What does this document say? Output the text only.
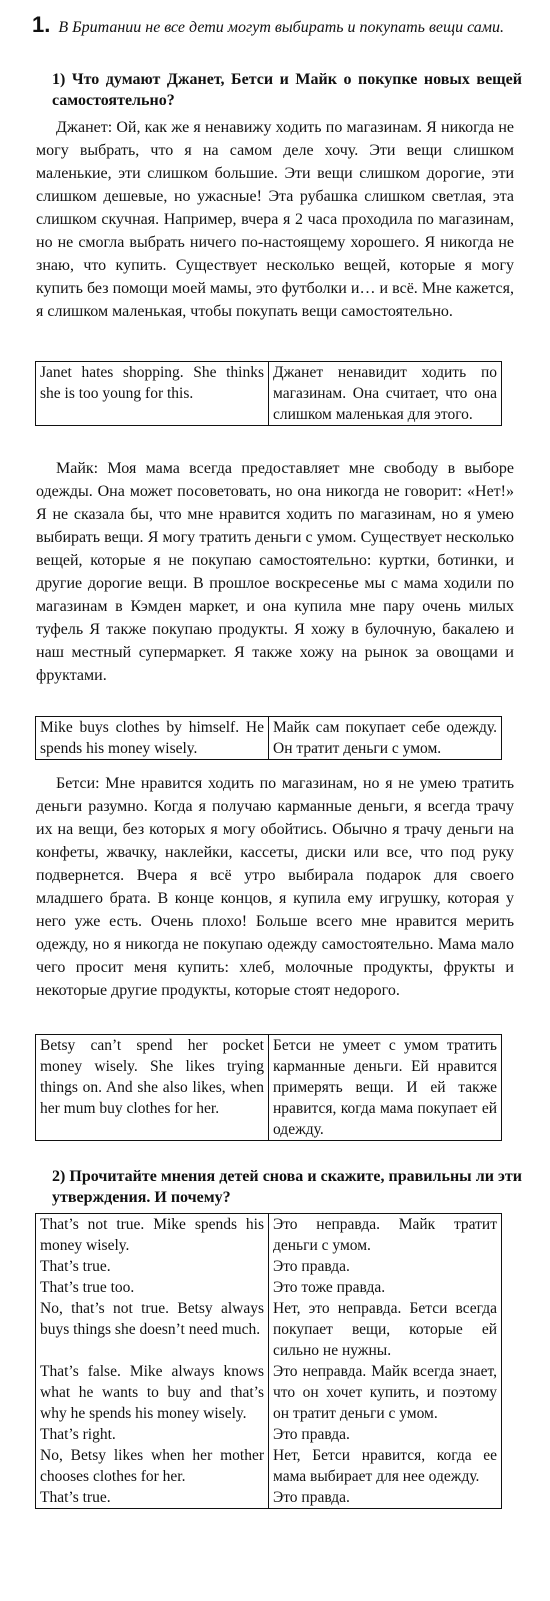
1. В Британии не все дети могут выбирать и покупать вещи сами.
1) Что думают Джанет, Бетси и Майк о покупке новых вещей самостоятельно?

Джанет: Ой, как же я ненавижу ходить по магазинам. Я никогда не могу выбрать, что я на самом деле хочу. Эти вещи слишком маленькие, эти слишком большие. Эти вещи слишком дорогие, эти слишком дешевые, но ужасные! Эта рубашка слишком светлая, эта слишком скучная. Например, вчера я 2 часа проходила по магазинам, но не смогла выбрать ничего по-настоящему хорошего. Я никогда не знаю, что купить. Существует несколько вещей, которые я могу купить без помощи моей мамы, это футболки и… и всё. Мне кажется, я слишком маленькая, чтобы покупать вещи самостоятельно.

Janet hates shopping. She thinks she is too young for this.	Джанет ненавидит ходить по магазинам. Она считает, что она слишком маленькая для этого.

Майк: Моя мама всегда предоставляет мне свободу в выборе одежды. Она может посоветовать, но она никогда не говорит: «Нет!» Я не сказала бы, что мне нравится ходить по магазинам, но я умею выбирать вещи. Я могу тратить деньги с умом. Существует несколько вещей, которые я не покупаю самостоятельно: куртки, ботинки, и другие дорогие вещи. В прошлое воскресенье мы с мама ходили по магазинам в Кэмден маркет, и она купила мне пару очень милых туфель Я также покупаю продукты. Я хожу в булочную, бакалею и наш местный супермаркет. Я также хожу на рынок за овощами и фруктами.

Mike buys clothes by himself. He spends his money wisely.	Майк сам покупает себе одежду. Он тратит деньги с умом.

Бетси: Мне нравится ходить по магазинам, но я не умею тратить деньги разумно. Когда я получаю карманные деньги, я всегда трачу их на вещи, без которых я могу обойтись. Обычно я трачу деньги на конфеты, жвачку, наклейки, кассеты, диски или все, что под руку подвернется. Вчера я всё утро выбирала подарок для своего младшего брата. В конце концов, я купила ему игрушку, которая у него уже есть. Очень плохо! Больше всего мне нравится мерить одежду, но я никогда не покупаю одежду самостоятельно. Мама мало чего просит меня купить: хлеб, молочные продукты, фрукты и некоторые другие продукты, которые стоят недорого.

Betsy can’t spend her pocket money wisely. She likes trying things on. And she also likes, when her mum buy clothes for her.	Бетси не умеет с умом тратить карманные деньги. Ей нравится примерять вещи. И ей также нравится, когда мама покупает ей одежду.
2) Прочитайте мнения детей снова и скажите, правильны ли эти утверждения. И почему?
That’s not true. Mike spends his money wisely.	Это неправда. Майк тратит деньги с умом.
That’s true.	Это правда.
That’s true too.	Это тоже правда.
No, that’s not true. Betsy always buys things she doesn’t need much.	Нет, это неправда. Бетси всегда покупает вещи, которые ей сильно не нужны.
That’s false. Mike always knows what he wants to buy and that’s why he spends his money wisely.	Это неправда. Майк всегда знает, что он хочет купить, и поэтому он тратит деньги с умом.
That’s right.	Это правда.
No, Betsy likes when her mother chooses clothes for her.	Нет, Бетси нравится, когда ее мама выбирает для нее одежду.
That’s true.	Это правда.
